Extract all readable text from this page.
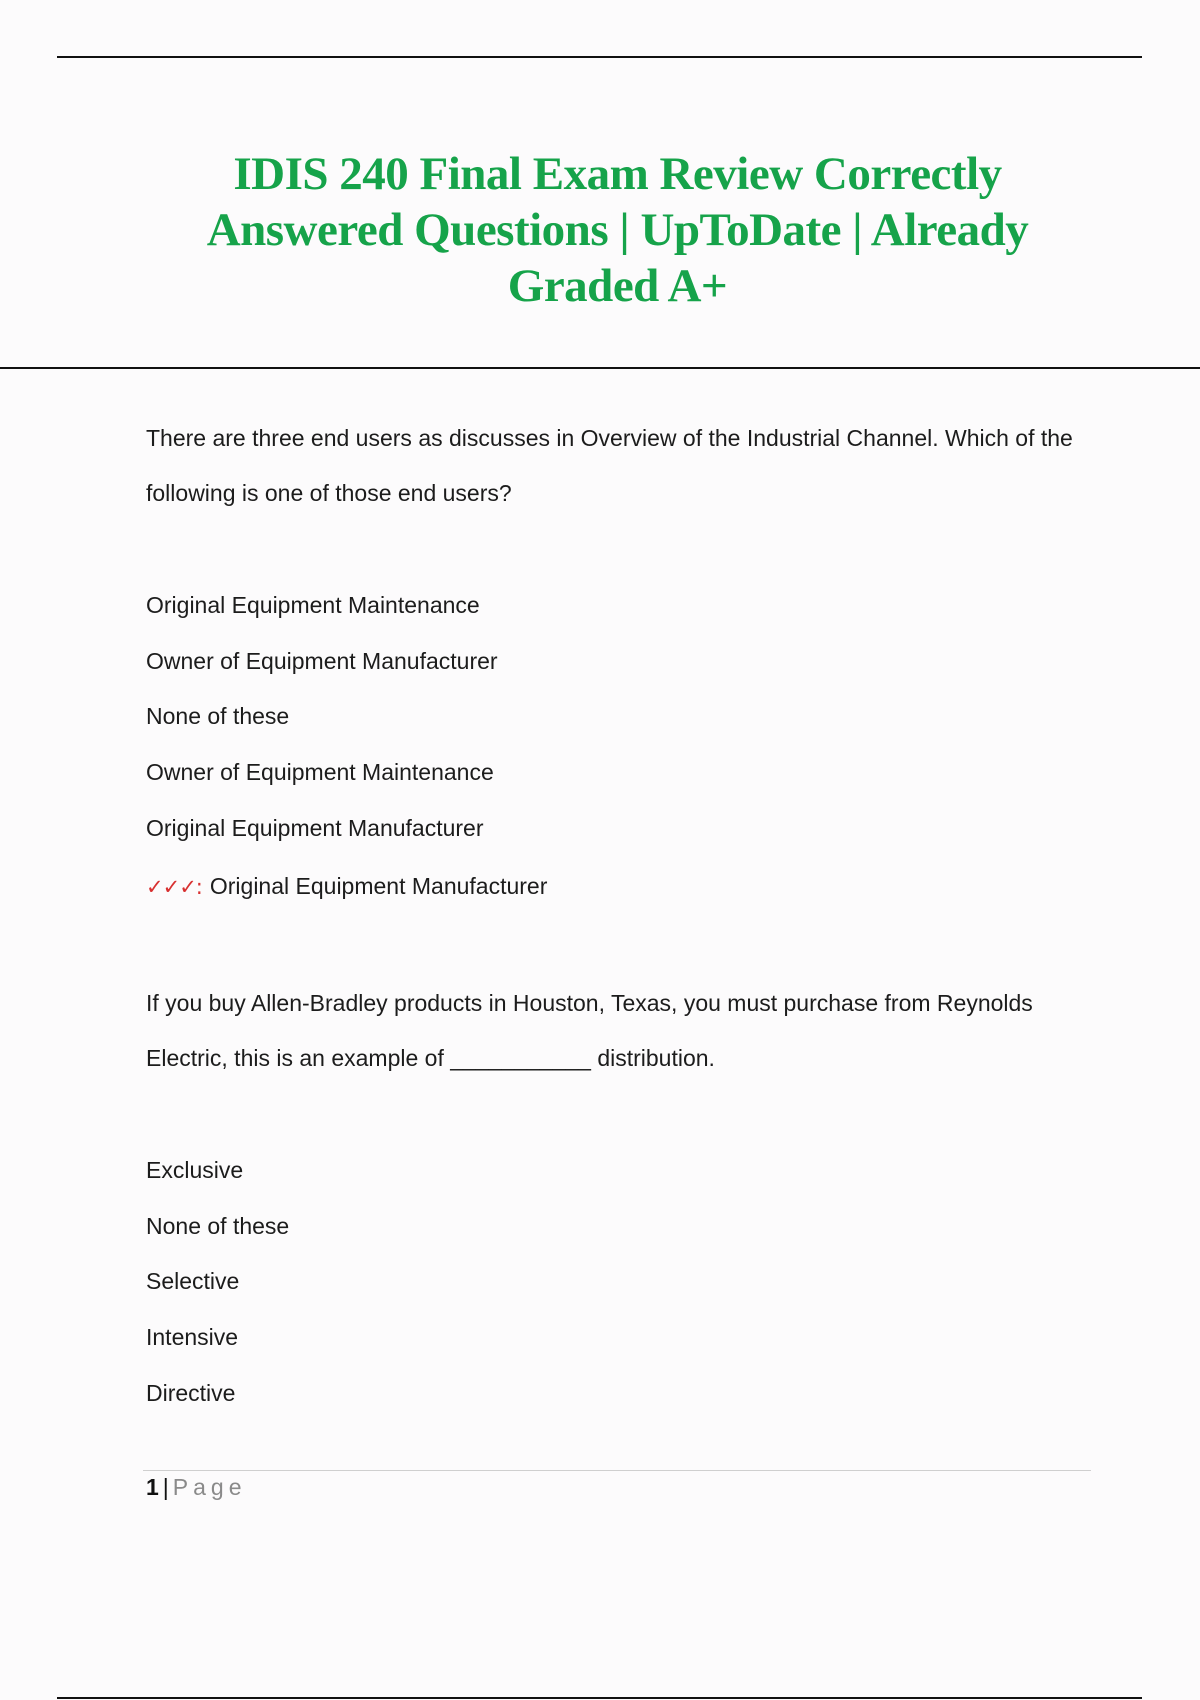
IDIS 240 Final Exam Review Correctly Answered Questions | UpToDate | Already Graded A+

There are three end users as discusses in Overview of the Industrial Channel. Which of the following is one of those end users?

Original Equipment Maintenance
Owner of Equipment Manufacturer
None of these
Owner of Equipment Maintenance
Original Equipment Manufacturer
✓✓✓: Original Equipment Manufacturer

If you buy Allen-Bradley products in Houston, Texas, you must purchase from Reynolds Electric, this is an example of ___________ distribution.

Exclusive
None of these
Selective
Intensive
Directive
1 | Page
